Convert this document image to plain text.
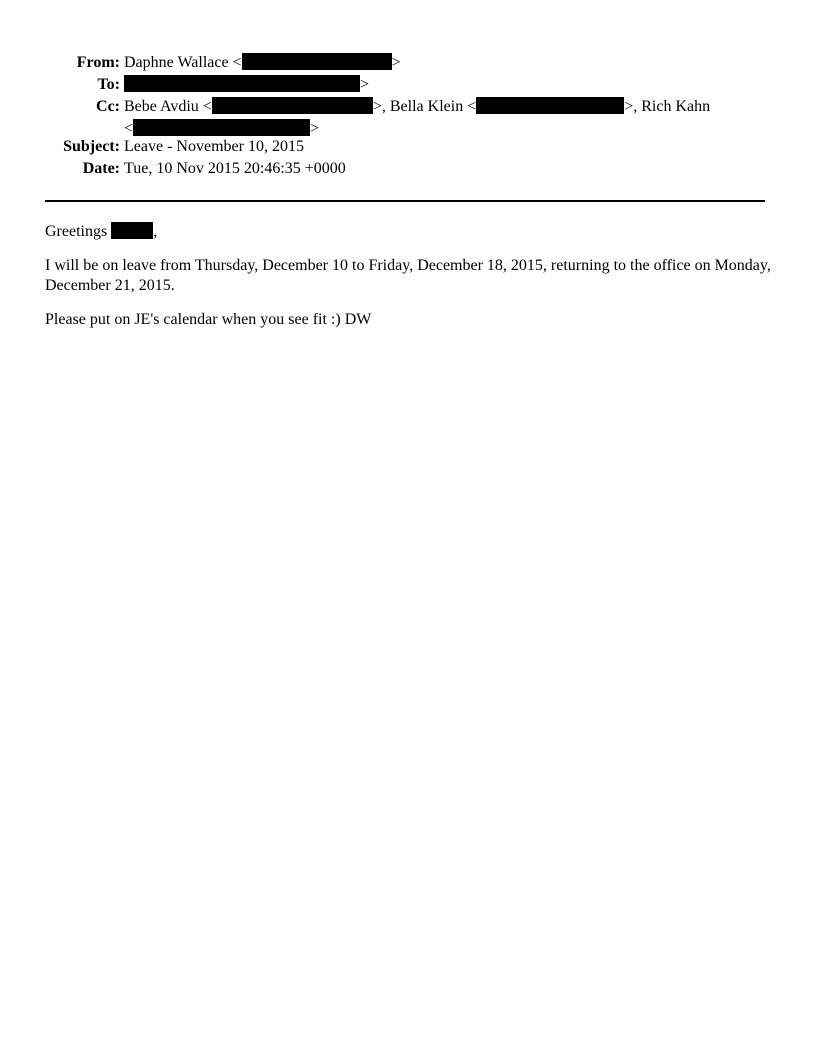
From: Daphne Wallace <	>
To:	>
Cc: Bebe Avdiu <	>, Bella Klein <	>, Rich Kahn
<	>
Subject: Leave - November 10, 2015
Date: Tue, 10 Nov 2015 20:46:35 +0000

Greetings	,

I will be on leave from Thursday, December 10 to Friday, December 18, 2015, returning to the office on Monday, December 21, 2015.

Please put on JE's calendar when you see fit :) DW
